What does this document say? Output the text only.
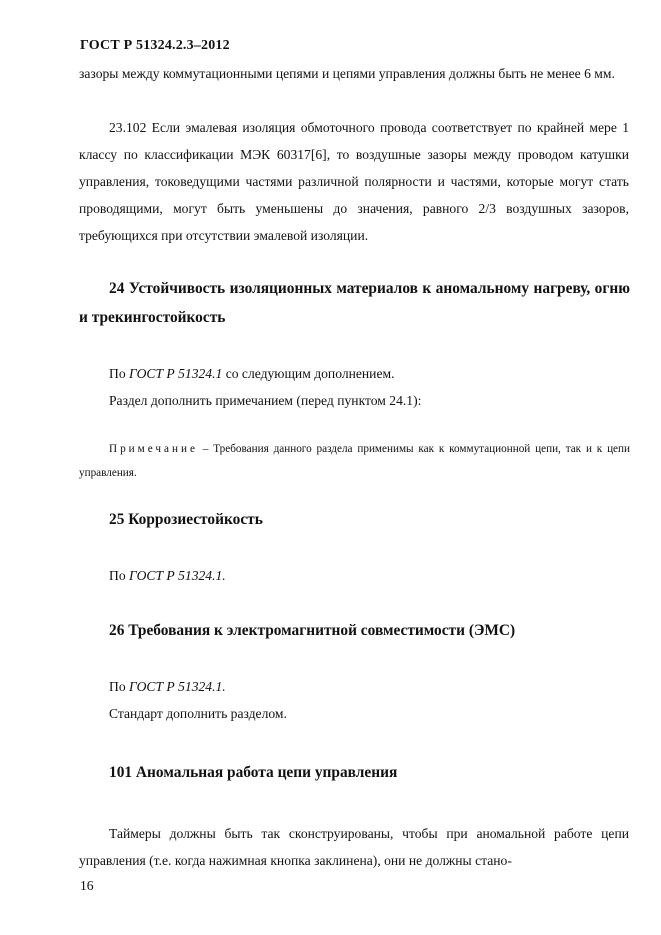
ГОСТ Р 51324.2.3–2012
зазоры между коммутационными цепями и цепями управления должны быть не менее 6 мм.
23.102 Если эмалевая изоляция обмоточного провода соответствует по крайней мере 1 классу по классификации МЭК 60317[6], то воздушные зазоры между проводом катушки управления, токоведущими частями различной полярности и частями, которые могут стать проводящими, могут быть уменьшены до значения, равного 2/3 воздушных зазоров, требующихся при отсутствии эмалевой изоляции.
24 Устойчивость изоляционных материалов к аномальному нагреву, огню и трекингостойкость
По ГОСТ Р 51324.1 со следующим дополнением.
Раздел дополнить примечанием (перед пунктом 24.1):
Примечание – Требования данного раздела применимы как к коммутационной цепи, так и к цепи управления.
25 Коррозиестойкость
По ГОСТ Р 51324.1.
26 Требования к электромагнитной совместимости (ЭМС)
По ГОСТ Р 51324.1.
Стандарт дополнить разделом.
101 Аномальная работа цепи управления
Таймеры должны быть так сконструированы, чтобы при аномальной работе цепи управления (т.е. когда нажимная кнопка заклинена), они не должны стано-
16
